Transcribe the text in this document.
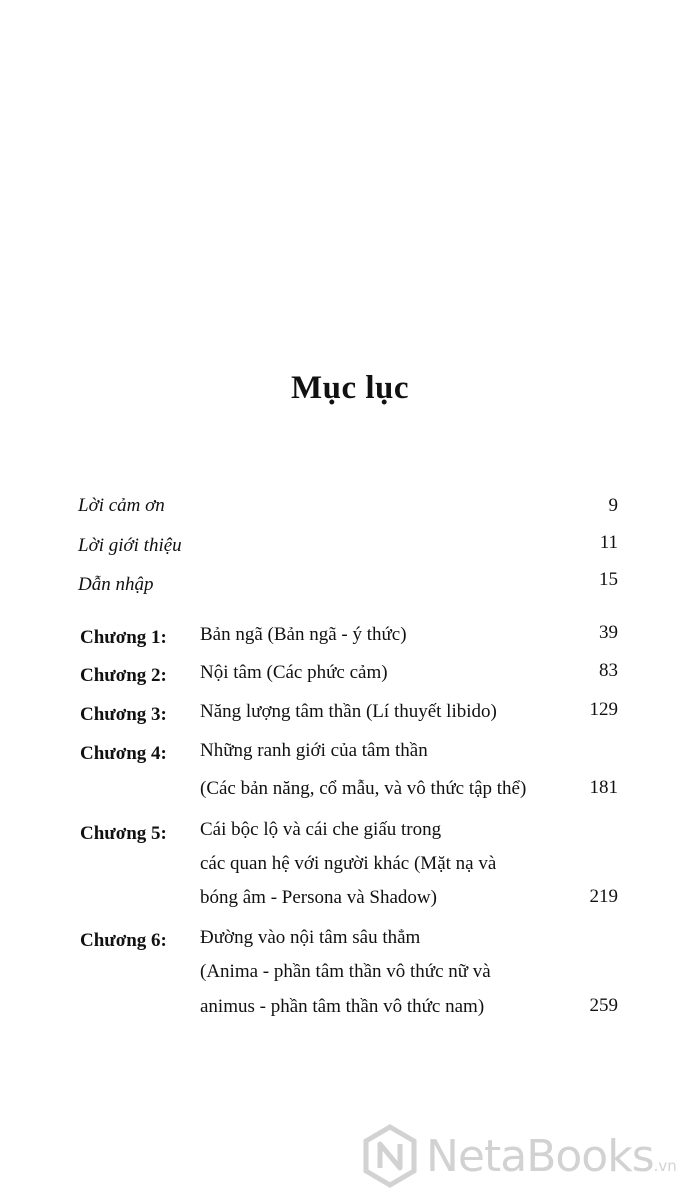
Mục lục
Lời cảm ơn	9
Lời giới thiệu	11
Dẫn nhập	15
Chương 1: Bản ngã (Bản ngã - ý thức)	39
Chương 2: Nội tâm (Các phức cảm)	83
Chương 3: Năng lượng tâm thần (Lí thuyết libido)	129
Chương 4: Những ranh giới của tâm thần
(Các bản năng, cổ mẫu, và vô thức tập thể)	181
Chương 5: Cái bộc lộ và cái che giấu trong
các quan hệ với người khác (Mặt nạ và
bóng âm - Persona và Shadow)	219
Chương 6: Đường vào nội tâm sâu thẳm
(Anima - phần tâm thần vô thức nữ và
animus - phần tâm thần vô thức nam)	259
NetaBooks.vn
